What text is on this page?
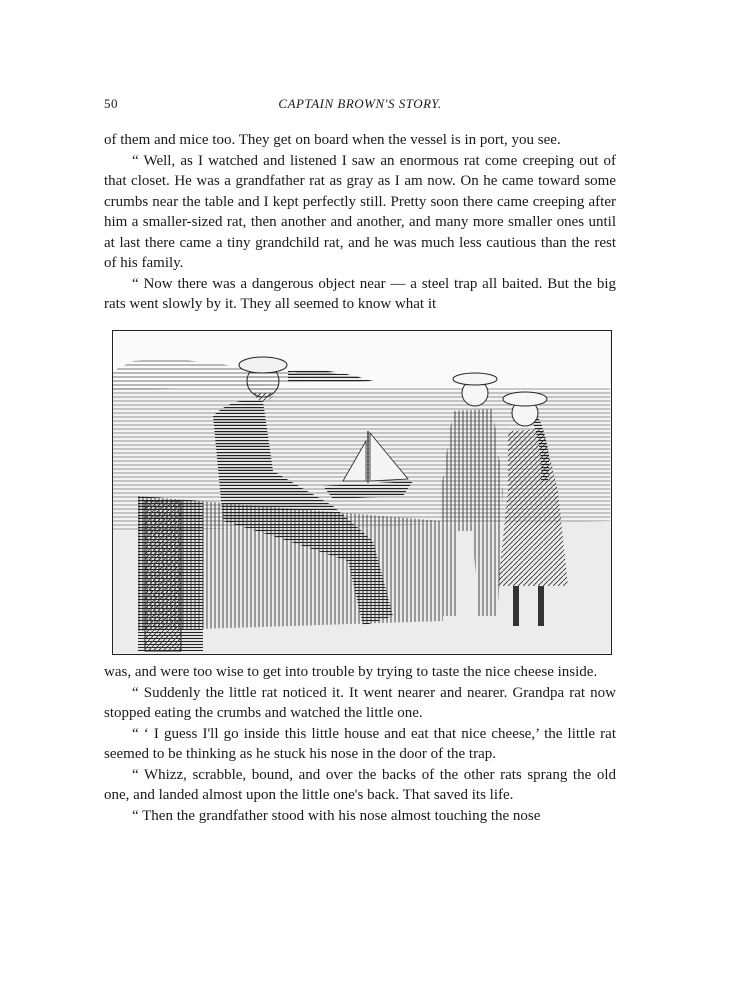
50	CAPTAIN BROWN'S STORY.

of them and mice too. They get on board when the vessel is in port, you see.

“ Well, as I watched and listened I saw an enormous rat come creeping out of that closet. He was a grandfather rat as gray as I am now. On he came toward some crumbs near the table and I kept perfectly still. Pretty soon there came creeping after him a smaller-sized rat, then another and another, and many more smaller ones until at last there came a tiny grandchild rat, and he was much less cautious than the rest of his family.

“ Now there was a dangerous object near — a steel trap all baited. But the big rats went slowly by it. They all seemed to know what it

was, and were too wise to get into trouble by trying to taste the nice cheese inside.

“ Suddenly the little rat noticed it. It went nearer and nearer. Grandpa rat now stopped eating the crumbs and watched the little one.

“ ‘ I guess I'll go inside this little house and eat that nice cheese,’ the little rat seemed to be thinking as he stuck his nose in the door of the trap.

“ Whizz, scrabble, bound, and over the backs of the other rats sprang the old one, and landed almost upon the little one's back. That saved its life.

“ Then the grandfather stood with his nose almost touching the nose
